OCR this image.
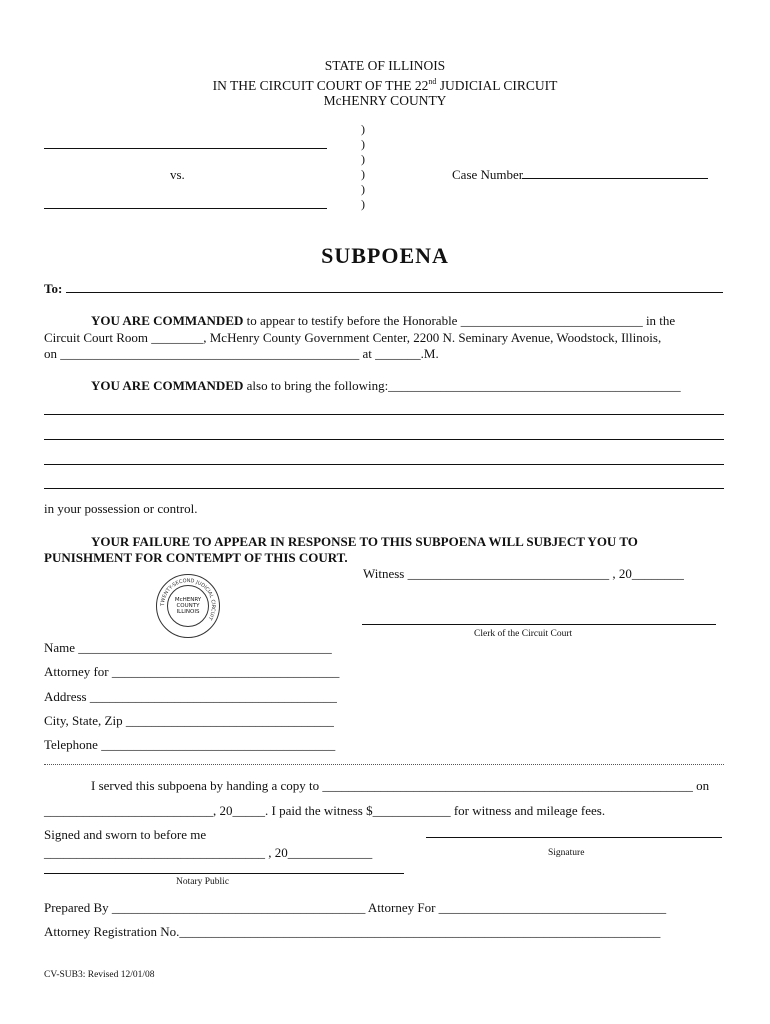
STATE OF ILLINOIS
IN THE CIRCUIT COURT OF THE 22nd JUDICIAL CIRCUIT
McHENRY COUNTY
vs.
)
)
)
)
)
)
Case Number
SUBPOENA
To:
YOU ARE COMMANDED to appear to testify before the Honorable ____________________________ in the
Circuit Court Room ________, McHenry County Government Center, 2200 N. Seminary Avenue, Woodstock, Illinois,
on ______________________________________________ at _______.M.
YOU ARE COMMANDED also to bring the following:_____________________________________________
in your possession or control.
YOUR FAILURE TO APPEAR IN RESPONSE TO THIS SUBPOENA WILL SUBJECT YOU TO
PUNISHMENT FOR CONTEMPT OF THIS COURT.
Witness _______________________________ , 20________
Clerk of the Circuit Court
TWENTY-SECOND JUDICIAL CIRCUIT
McHENRY
COUNTY
ILLINOIS
Name _______________________________________
Attorney for ___________________________________
Address ______________________________________
City, State, Zip ________________________________
Telephone ____________________________________
I served this subpoena by handing a copy to _________________________________________________________ on
__________________________, 20_____. I paid the witness $____________ for witness and mileage fees.
Signed and sworn to before me
__________________________________ , 20_____________	Signature
Notary Public
Prepared By _______________________________________ Attorney For ___________________________________
Attorney Registration No.__________________________________________________________________________
CV-SUB3: Revised 12/01/08
